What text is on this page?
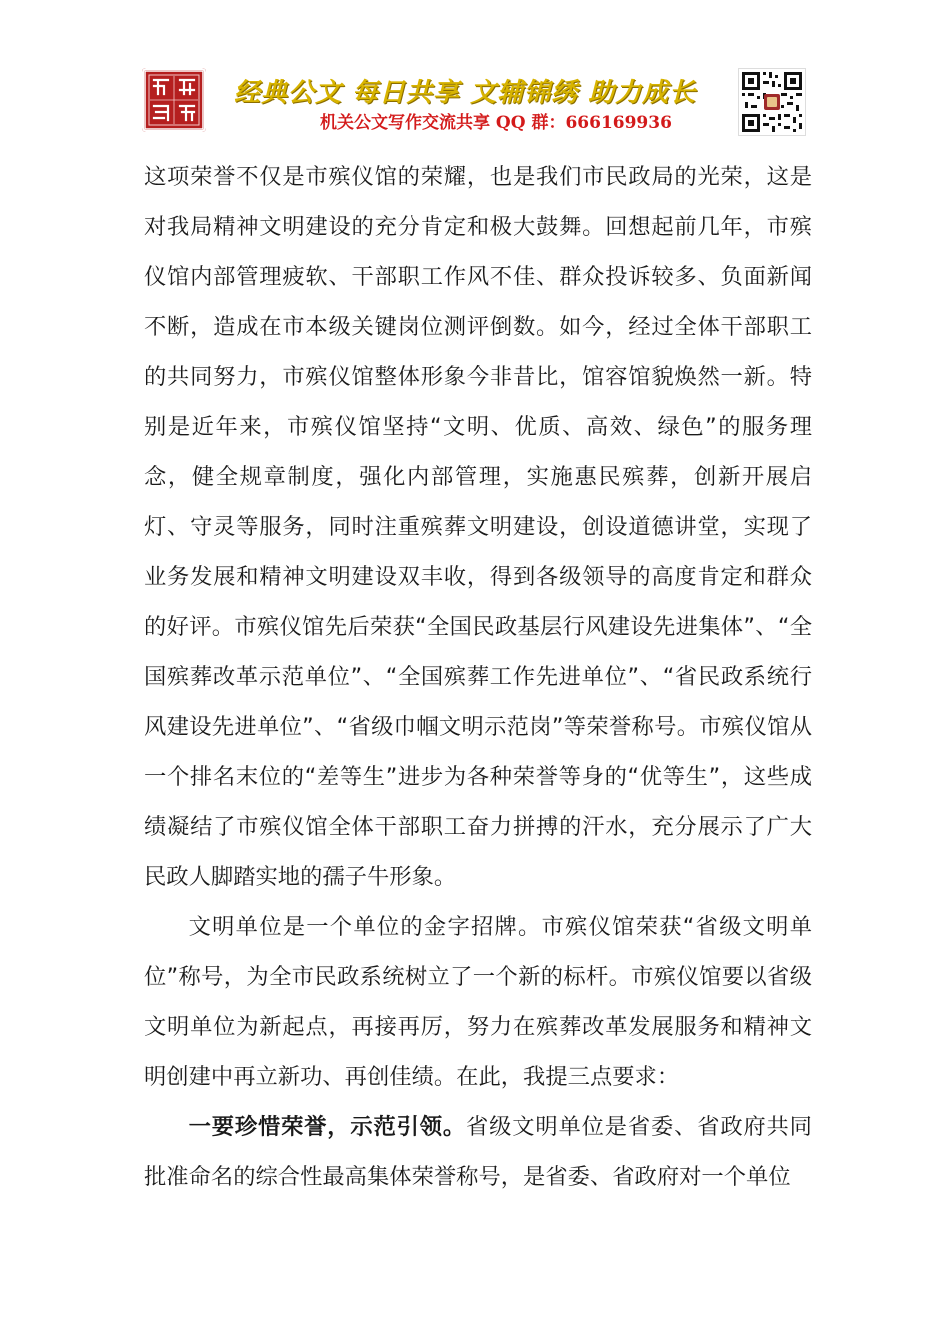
经典公文 每日共享 文辅锦绣 助力成长
机关公文写作交流共享 QQ 群：666169936

这项荣誉不仅是市殡仪馆的荣耀，也是我们市民政局的光荣，这是对我局精神文明建设的充分肯定和极大鼓舞。回想起前几年，市殡仪馆内部管理疲软、干部职工作风不佳、群众投诉较多、负面新闻不断，造成在市本级关键岗位测评倒数。如今，经过全体干部职工的共同努力，市殡仪馆整体形象今非昔比，馆容馆貌焕然一新。特别是近年来，市殡仪馆坚持“文明、优质、高效、绿色”的服务理念，健全规章制度，强化内部管理，实施惠民殡葬，创新开展启灯、守灵等服务，同时注重殡葬文明建设，创设道德讲堂，实现了业务发展和精神文明建设双丰收，得到各级领导的高度肯定和群众的好评。市殡仪馆先后荣获“全国民政基层行风建设先进集体”、“全国殡葬改革示范单位”、“全国殡葬工作先进单位”、“省民政系统行风建设先进单位”、“省级巾帼文明示范岗”等荣誉称号。市殡仪馆从一个排名末位的“差等生”进步为各种荣誉等身的“优等生”，这些成绩凝结了市殡仪馆全体干部职工奋力拼搏的汗水，充分展示了广大民政人脚踏实地的孺子牛形象。

文明单位是一个单位的金字招牌。市殡仪馆荣获“省级文明单位”称号，为全市民政系统树立了一个新的标杆。市殡仪馆要以省级文明单位为新起点，再接再厉，努力在殡葬改革发展服务和精神文明创建中再立新功、再创佳绩。在此，我提三点要求：

一要珍惜荣誉，示范引领。省级文明单位是省委、省政府共同批准命名的综合性最高集体荣誉称号，是省委、省政府对一个单位
